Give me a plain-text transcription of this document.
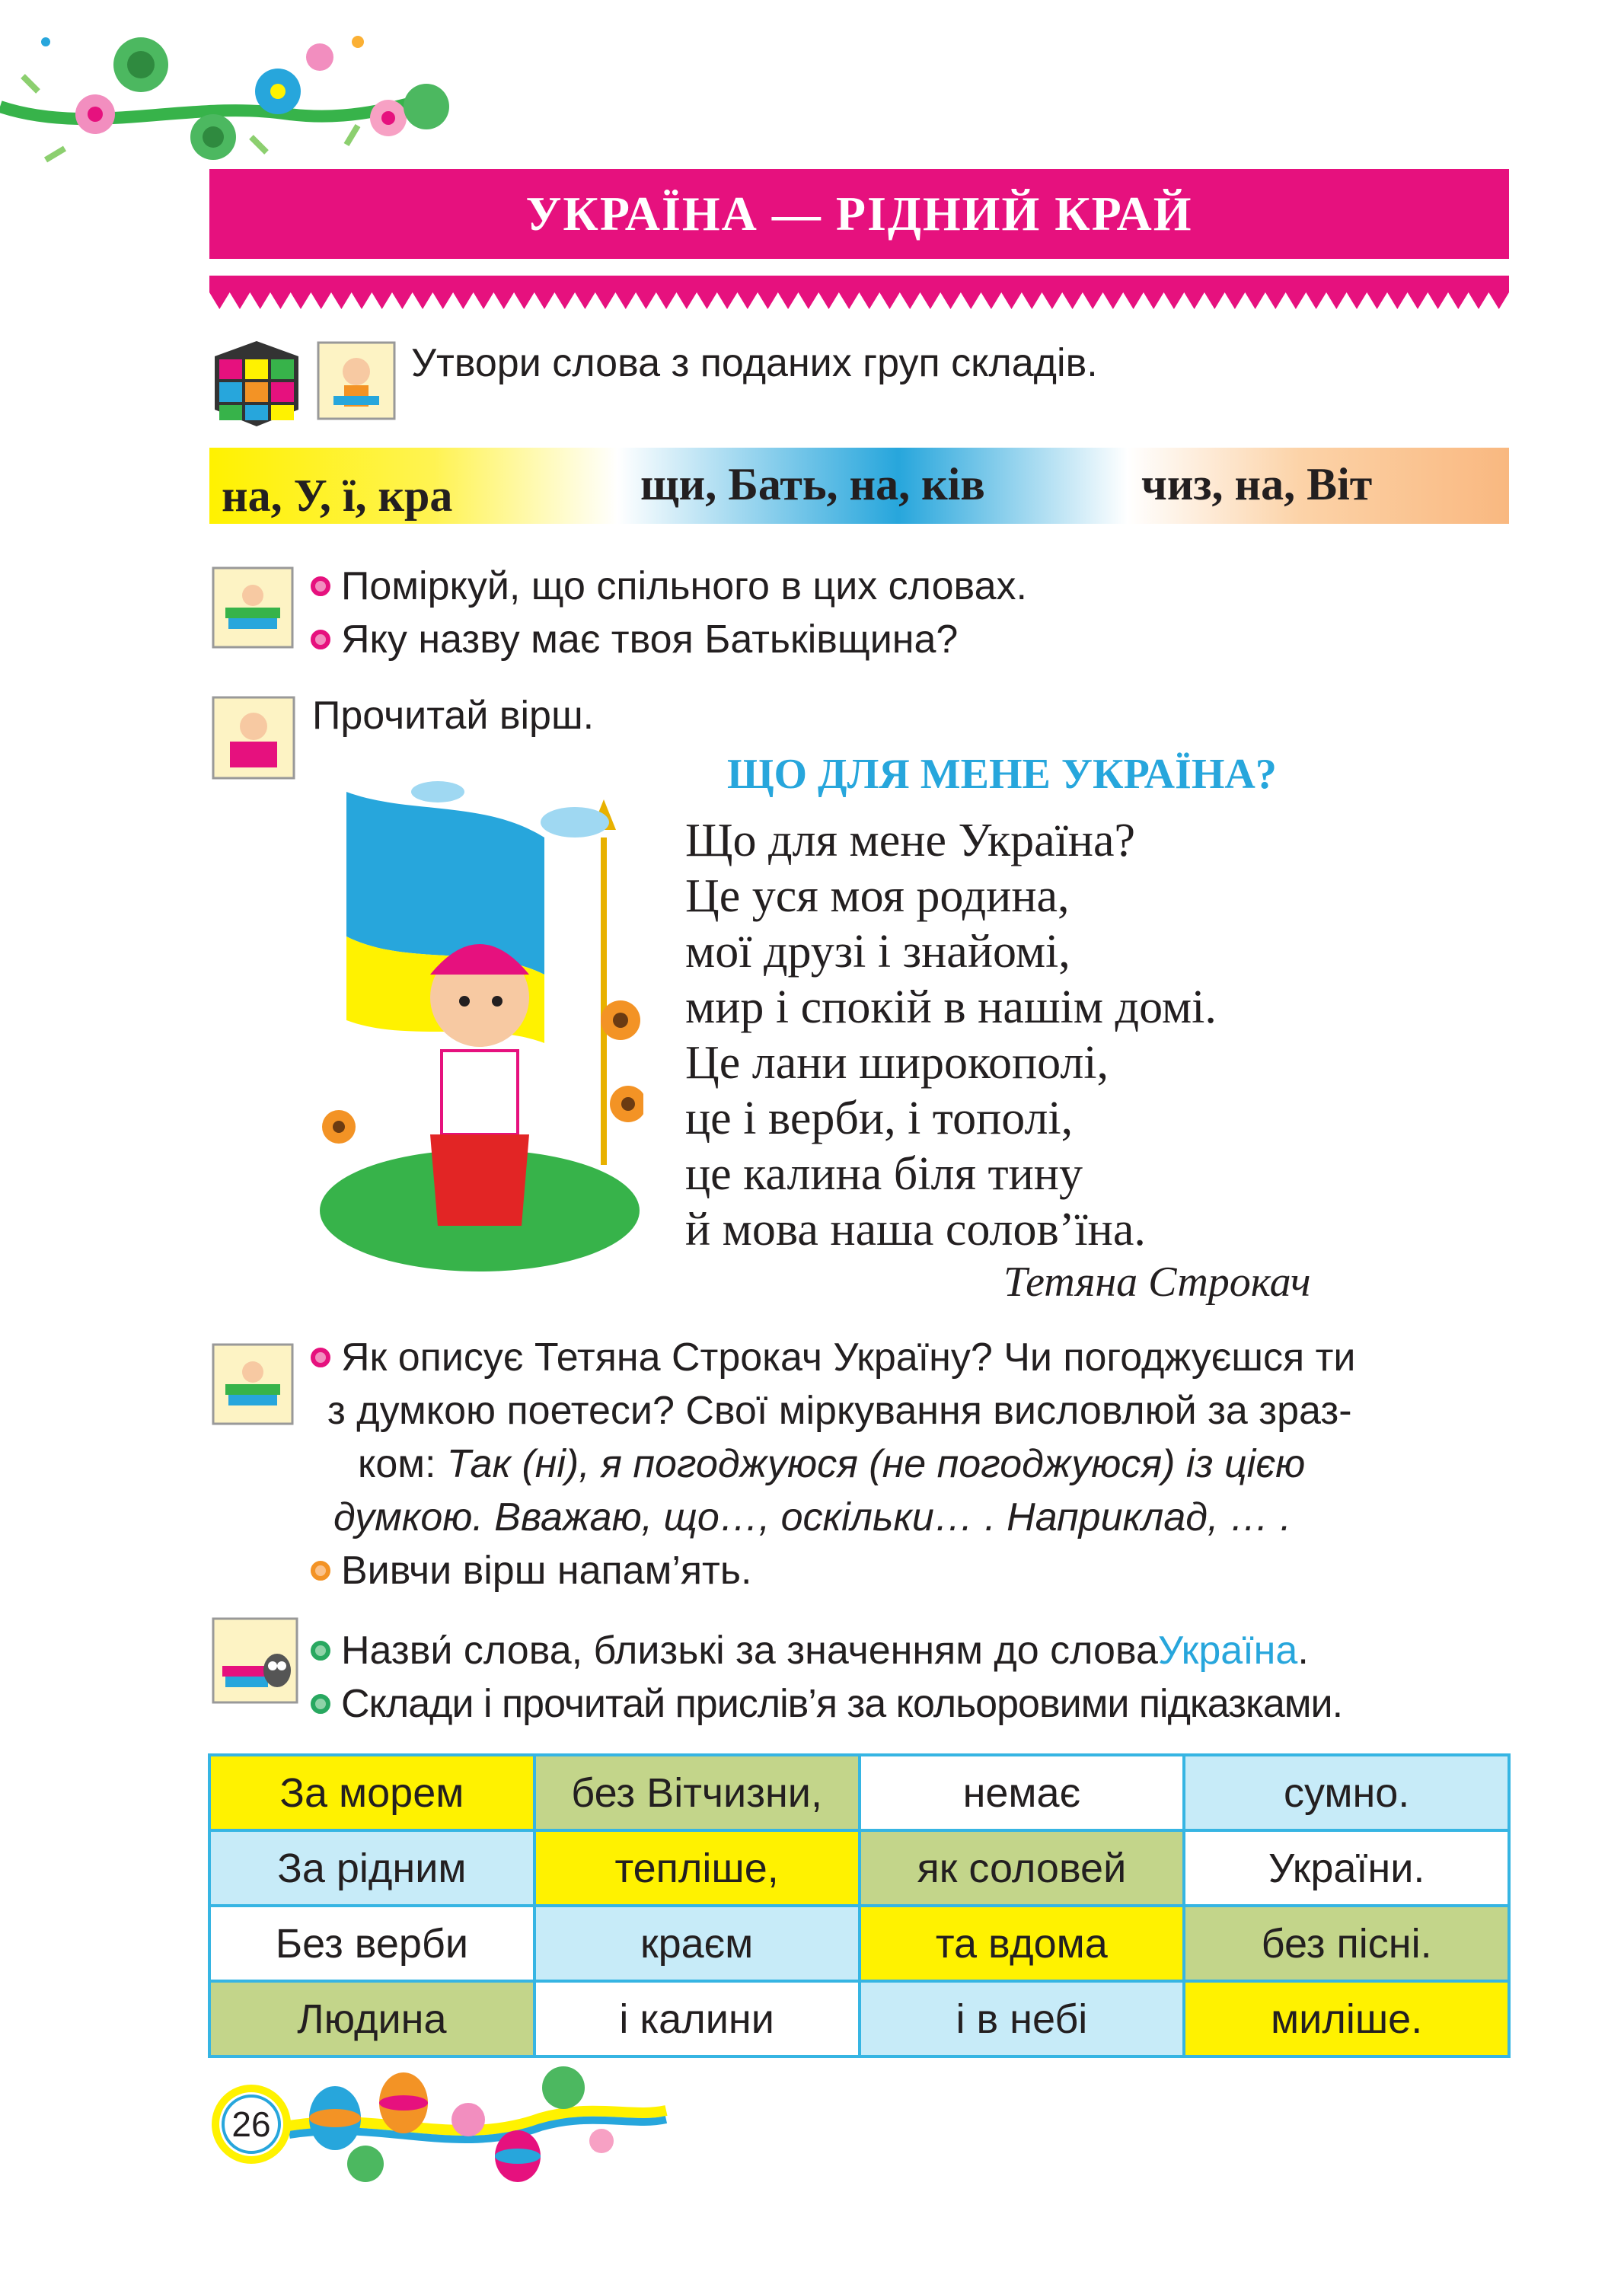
УКРАЇНА — РІДНИЙ КРАЙ
Утвори слова з поданих груп складів.
на, У, ї, кра	щи, Бать, на, ків	чиз, на, Віт
Поміркуй, що спільного в цих словах.
Яку назву має твоя Батьківщина?
Прочитай вірш.
ЩО ДЛЯ МЕНЕ УКРАЇНА?
Що для мене Україна?
Це уся моя родина,
мої друзі і знайомі,
мир і спокій в нашім домі.
Це лани широкополі,
це і верби, і тополі,
це калина біля тину
й мова наша солов’їна.
Тетяна Строкач
Як описує Тетяна Строкач Україну? Чи погоджуєшся ти
з думкою поетеси? Свої міркування висловлюй за зраз-
ком: Так (ні), я погоджуюся (не погоджуюся) із цією
думкою. Вважаю, що…, оскільки… . Наприклад, … .
Вивчи вірш напам’ять.
Назви́ слова, близькі за значенням до слова Україна .
Склади і прочитай прислів’я за кольоровими підказками.
За морем	без Вітчизни,	немає	сумно.
За рідним	тепліше,	як соловей	України.
Без верби	краєм	та вдома	без пісні.
Людина	і калини	і в небі	миліше.
26
